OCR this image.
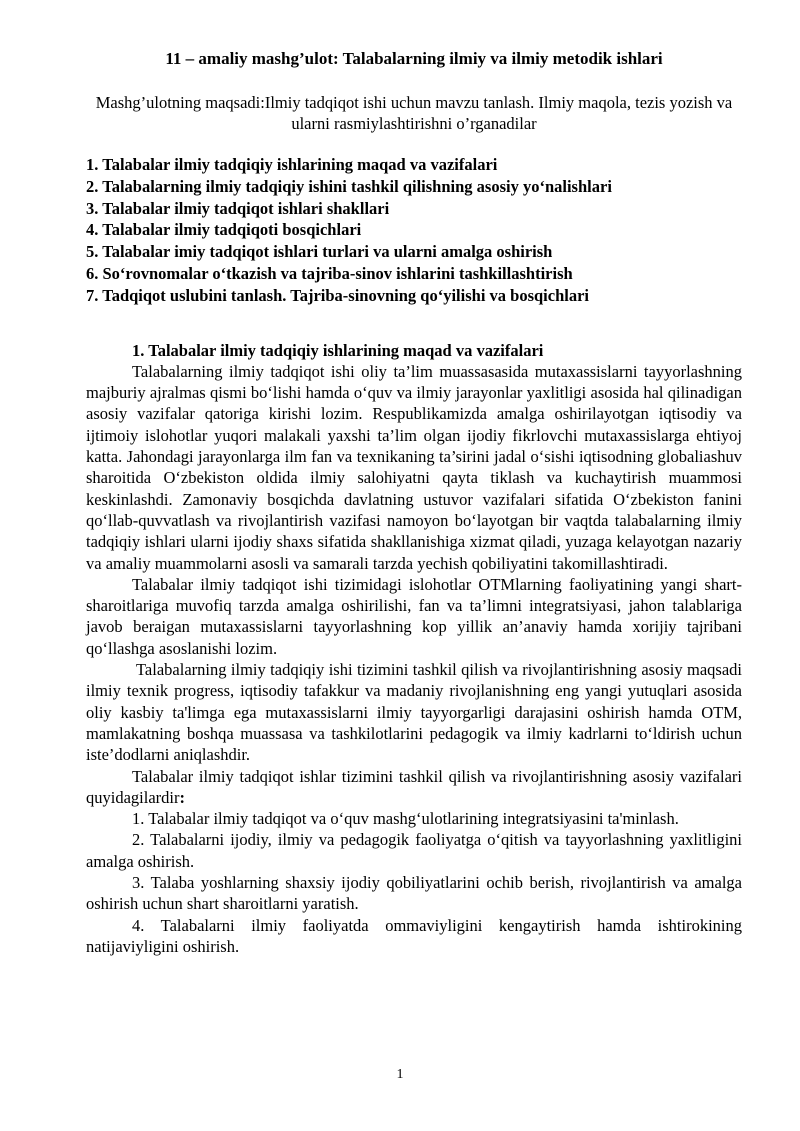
11 – amaliy mashg’ulot: Talabalarning ilmiy va ilmiy metodik ishlari
Mashg’ulotning maqsadi:Ilmiy tadqiqot ishi uchun mavzu tanlash. Ilmiy maqola, tezis yozish va ularni rasmiylashtirishni o’rganadilar
1. Talabalar ilmiy tadqiqiy ishlarining maqad va vazifalari
2. Talabalarning ilmiy tadqiqiy ishini tashkil qilishning asosiy yo‘nalishlari
3. Talabalar ilmiy tadqiqot ishlari shakllari
4. Talabalar ilmiy tadqiqoti bosqichlari
5. Talabalar imiy tadqiqot ishlari turlari va ularni amalga oshirish
6. So‘rovnomalar o‘tkazish va tajriba-sinov ishlarini tashkillashtirish
7. Tadqiqot uslubini tanlash. Tajriba-sinovning qo‘yilishi va bosqichlari
1. Talabalar ilmiy tadqiqiy ishlarining maqad va vazifalari

Talabalarning ilmiy tadqiqot ishi oliy ta’lim muassasasida mutaxassislarni tayyorlashning majburiy ajralmas qismi bo‘lishi hamda o‘quv va ilmiy jarayonlar yaxlitligi asosida hal qilinadigan asosiy vazifalar qatoriga kirishi lozim. Respublikamizda amalga oshirilayotgan iqtisodiy va ijtimoiy islohotlar yuqori malakali yaxshi ta’lim olgan ijodiy fikrlovchi mutaxassislarga ehtiyoj katta. Jahondagi jarayonlarga ilm fan va texnikaning ta’sirini jadal o‘sishi iqtisodning globaliashuv sharoitida O‘zbekiston oldida ilmiy salohiyatni qayta tiklash va kuchaytirish muammosi keskinlashdi. Zamonaviy bosqichda davlatning ustuvor vazifalari sifatida O‘zbekiston fanini qo‘llab-quvvatlash va rivojlantirish vazifasi namoyon bo‘layotgan bir vaqtda talabalarning ilmiy tadqiqiy ishlari ularni ijodiy shaxs sifatida shakllanishiga xizmat qiladi, yuzaga kelayotgan nazariy va amaliy muammolarni asosli va samarali tarzda yechish qobiliyatini takomillashtiradi.

Talabalar ilmiy tadqiqot ishi tizimidagi islohotlar OTMlarning faoliyatining yangi shart-sharoitlariga muvofiq tarzda amalga oshirilishi, fan va ta’limni integratsiyasi, jahon talablariga javob beraigan mutaxassislarni tayyorlashning kop yillik an’anaviy hamda xorijiy tajribani qo‘llashga asoslanishi lozim.

Talabalarning ilmiy tadqiqiy ishi tizimini tashkil qilish va rivojlantirishning asosiy maqsadi ilmiy texnik progress, iqtisodiy tafakkur va madaniy rivojlanishning eng yangi yutuqlari asosida oliy kasbiy ta'limga ega mutaxassislarni ilmiy tayyorgarligi darajasini oshirish hamda OTM, mamlakatning boshqa muassasa va tashkilotlarini pedagogik va ilmiy kadrlarni to‘ldirish uchun iste’dodlarni aniqlashdir.

Talabalar ilmiy tadqiqot ishlar tizimini tashkil qilish va rivojlantirishning asosiy vazifalari quyidagilardir:

1. Talabalar ilmiy tadqiqot va o‘quv mashg‘ulotlarining integratsiyasini ta'minlash.

2. Talabalarni ijodiy, ilmiy va pedagogik faoliyatga o‘qitish va tayyorlashning yaxlitligini amalga oshirish.

3. Talaba yoshlarning shaxsiy ijodiy qobiliyatlarini ochib berish, rivojlantirish va amalga oshirish uchun shart sharoitlarni yaratish.

4. Talabalarni ilmiy faoliyatda ommaviyligini kengaytirish hamda ishtirokining natijaviyligini oshirish.

1
